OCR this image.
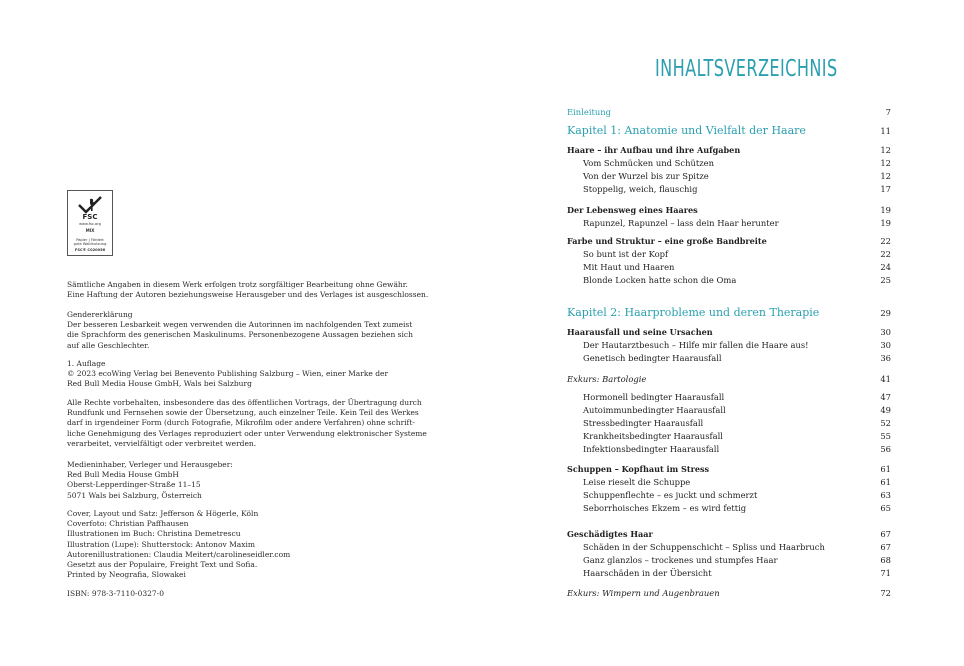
FSC
www.fsc.org
MIX
Papier | Fördert
gute Waldnutzung
FSC® C020056

Sämtliche Angaben in diesem Werk erfolgen trotz sorgfältiger Bearbeitung ohne Gewähr.

Eine Haftung der Autoren beziehungsweise Herausgeber und des Verlages ist ausgeschlossen.

Gendererklärung

Der besseren Lesbarkeit wegen verwenden die Autorinnen im nachfolgenden Text zumeist

die Sprachform des generischen Maskulinums. Personenbezogene Aussagen beziehen sich

auf alle Geschlechter.

1. Auflage

© 2023 ecoWing Verlag bei Benevento Publishing Salzburg – Wien, einer Marke der

Red Bull Media House GmbH, Wals bei Salzburg

Alle Rechte vorbehalten, insbesondere das des öffentlichen Vortrags, der Übertragung durch

Rundfunk und Fernsehen sowie der Übersetzung, auch einzelner Teile. Kein Teil des Werkes

darf in irgendeiner Form (durch Fotografie, Mikrofilm oder andere Verfahren) ohne schrift-

liche Genehmigung des Verlages reproduziert oder unter Verwendung elektronischer Systeme

verarbeitet, vervielfältigt oder verbreitet werden.

Medieninhaber, Verleger und Herausgeber:

Red Bull Media House GmbH

Oberst-Lepperdinger-Straße 11–15

5071 Wals bei Salzburg, Österreich

Cover, Layout und Satz: Jefferson & Högerle, Köln

Coverfoto: Christian Paffhausen

Illustrationen im Buch: Christina Demetrescu

Illustration (Lupe): Shutterstock: Antonov Maxim

Autorenillustrationen: Claudia Meitert/carolineseidler.com

Gesetzt aus der Populaire, Freight Text und Sofia.

Printed by Neografia, Slowakei

ISBN: 978-3-7110-0327-0

INHALTSVERZEICHNIS
Einleitung	7
Kapitel 1: Anatomie und Vielfalt der Haare	11
Haare – ihr Aufbau und ihre Aufgaben	12
Vom Schmücken und Schützen	12
Von der Wurzel bis zur Spitze	12
Stoppelig, weich, flauschig	17
Der Lebensweg eines Haares	19
Rapunzel, Rapunzel – lass dein Haar herunter	19
Farbe und Struktur – eine große Bandbreite	22
So bunt ist der Kopf	22
Mit Haut und Haaren	24
Blonde Locken hatte schon die Oma	25
Kapitel 2: Haarprobleme und deren Therapie	29
Haarausfall und seine Ursachen	30
Der Hautarztbesuch – Hilfe mir fallen die Haare aus!	30
Genetisch bedingter Haarausfall	36
Exkurs: Bartologie	41
Hormonell bedingter Haarausfall	47
Autoimmunbedingter Haarausfall	49
Stressbedingter Haarausfall	52
Krankheitsbedingter Haarausfall	55
Infektionsbedingter Haarausfall	56
Schuppen – Kopfhaut im Stress	61
Leise rieselt die Schuppe	61
Schuppenflechte – es juckt und schmerzt	63
Seborrhoisches Ekzem – es wird fettig	65
Geschädigtes Haar	67
Schäden in der Schuppenschicht – Spliss und Haarbruch	67
Ganz glanzlos – trockenes und stumpfes Haar	68
Haarschäden in der Übersicht	71
Exkurs: Wimpern und Augenbrauen	72
